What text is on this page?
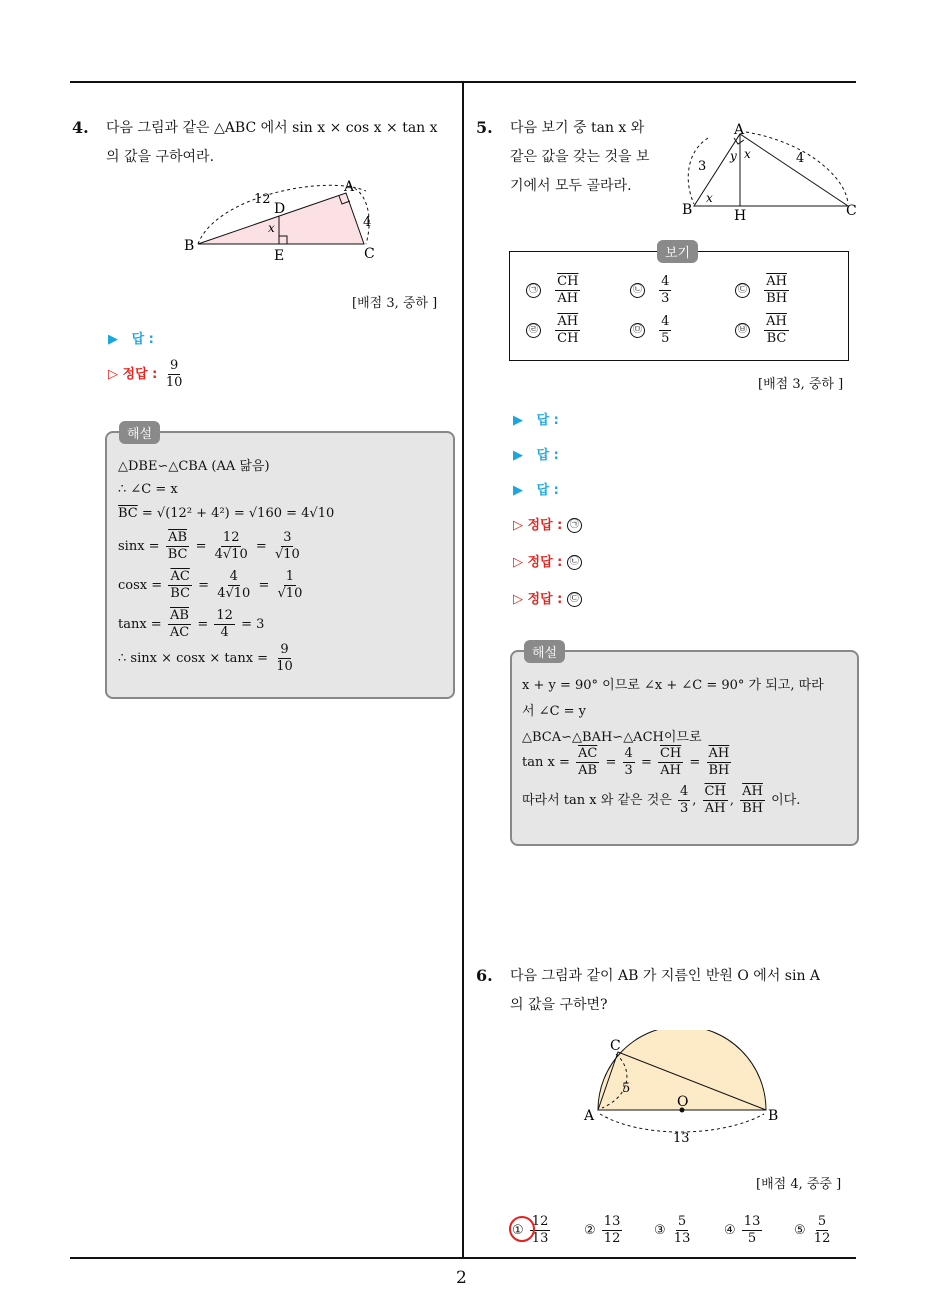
2
4. 다음 그림과 같은 △ABC 에서 sin x × cos x × tan x
의 값을 구하여라.
12
A
D
x	4
B
E	C
[배점 3, 중하 ]
▶ 답 :
▷ 정답 : $\frac{9}{10}$
해설
△DBE∽△CBA (AA 닮음)
∴ ∠C = x
$\overline{BC} = √(12^2 + 4^2) = √160 = 4√10$
$\sin x = \frac{\overline{AB}}{BC} = \frac{12}{4√10} = \frac{3}{√10}$
$\cos x = \frac{\overline{AC}}{BC} = \frac{4}{4√10} = \frac{1}{√10}$
$\tan x = \frac{\overline{AB}}{AC} = \frac{12}{4} = 3$
∴ $\sin x \times \cos x \times \tan x = \frac{9}{10}$
5. 다음 보기 중 tan x 와
같은 값을 갖는 것을 보
기에서 모두 골라라.
A
3
4
y x
x
B	H	C
보기
㉠ $\frac{\overline{CH}}{AH}$	㉡ $\frac{4}{3}$	㉢ $\frac{\overline{AH}}{BH}$
㉣ $\frac{\overline{AH}}{CH}$	㉤ $\frac{4}{5}$	㉥ $\frac{\overline{AH}}{BC}$
[배점 3, 중하 ]
▶ 답 :
▶ 답 :
▶ 답 :
▷ 정답 : ㉠
▷ 정답 : ㉡
▷ 정답 : ㉢
해설
x + y = 90° 이므로 ∠x + ∠C = 90° 가 되고, 따라
서 ∠C = y
△BCA∽△BAH∽△ACH이므로
$\tan x = \frac{\overline{AC}}{AB} = \frac{4}{3} = \frac{\overline{CH}}{AH} = \frac{\overline{AH}}{BH}$
따라서 tan x 와 같은 것은 $\frac{4}{3}$ , $\frac{\overline{CH}}{AH}$ , $\frac{\overline{AH}}{BH}$ 이다.
6. 다음 그림과 같이 AB 가 지름인 반원 O 에서 sin A
의 값을 구하면?
C
5
O
A	B
13
[배점 4, 중중 ]
① $\frac{12}{13}$	② $\frac{13}{12}$ ③ $\frac{5}{13}$ ④ $\frac{13}{5}$ ⑤ $\frac{5}{12}$
